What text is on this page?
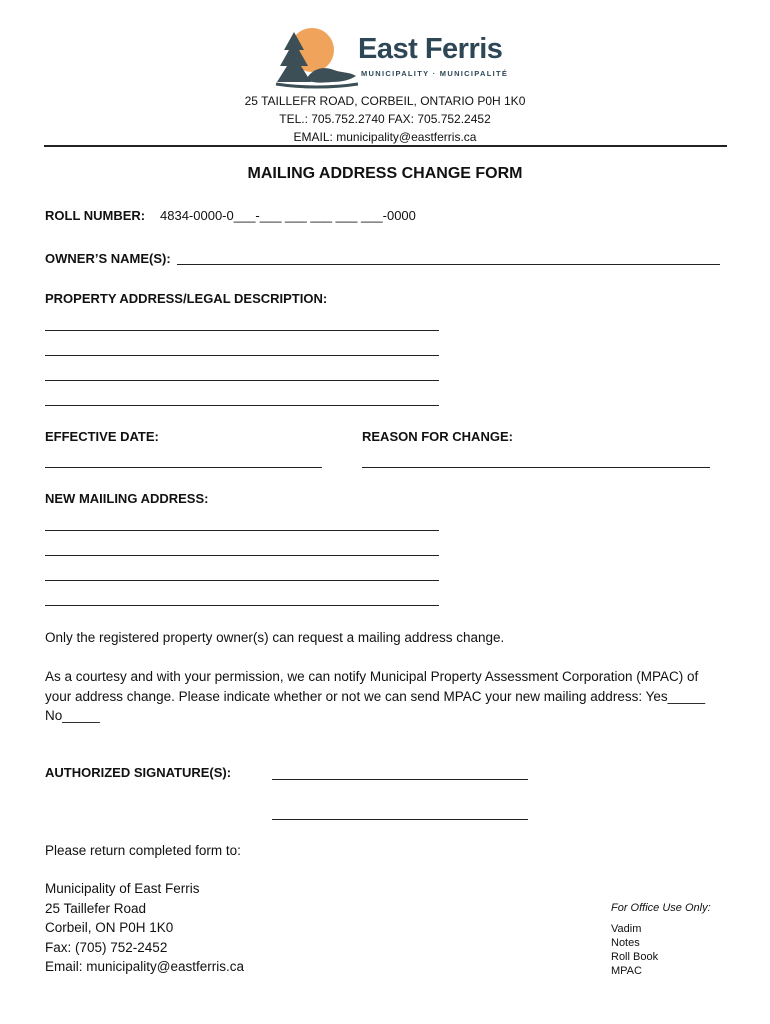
East Ferris
MUNICIPALITY · MUNICIPALITÉ
25 TAILLEFR ROAD, CORBEIL, ONTARIO P0H 1K0
TEL.: 705.752.2740 FAX: 705.752.2452
EMAIL: municipality@eastferris.ca
MAILING ADDRESS CHANGE FORM
ROLL NUMBER: 4834-0000-0___-___ ___ ___ ___ ___-0000
OWNER’S NAME(S):
PROPERTY ADDRESS/LEGAL DESCRIPTION:
EFFECTIVE DATE:	REASON FOR CHANGE:
NEW MAIILING ADDRESS:
Only the registered property owner(s) can request a mailing address change.
As a courtesy and with your permission, we can notify Municipal Property Assessment Corporation (MPAC) of your address change. Please indicate whether or not we can send MPAC your new mailing address: Yes_____ No_____
AUTHORIZED SIGNATURE(S):
Please return completed form to:
Municipality of East Ferris
25 Taillefer Road
Corbeil, ON P0H 1K0
Fax: (705) 752-2452
Email: municipality@eastferris.ca
For Office Use Only:
Vadim
Notes
Roll Book
MPAC
